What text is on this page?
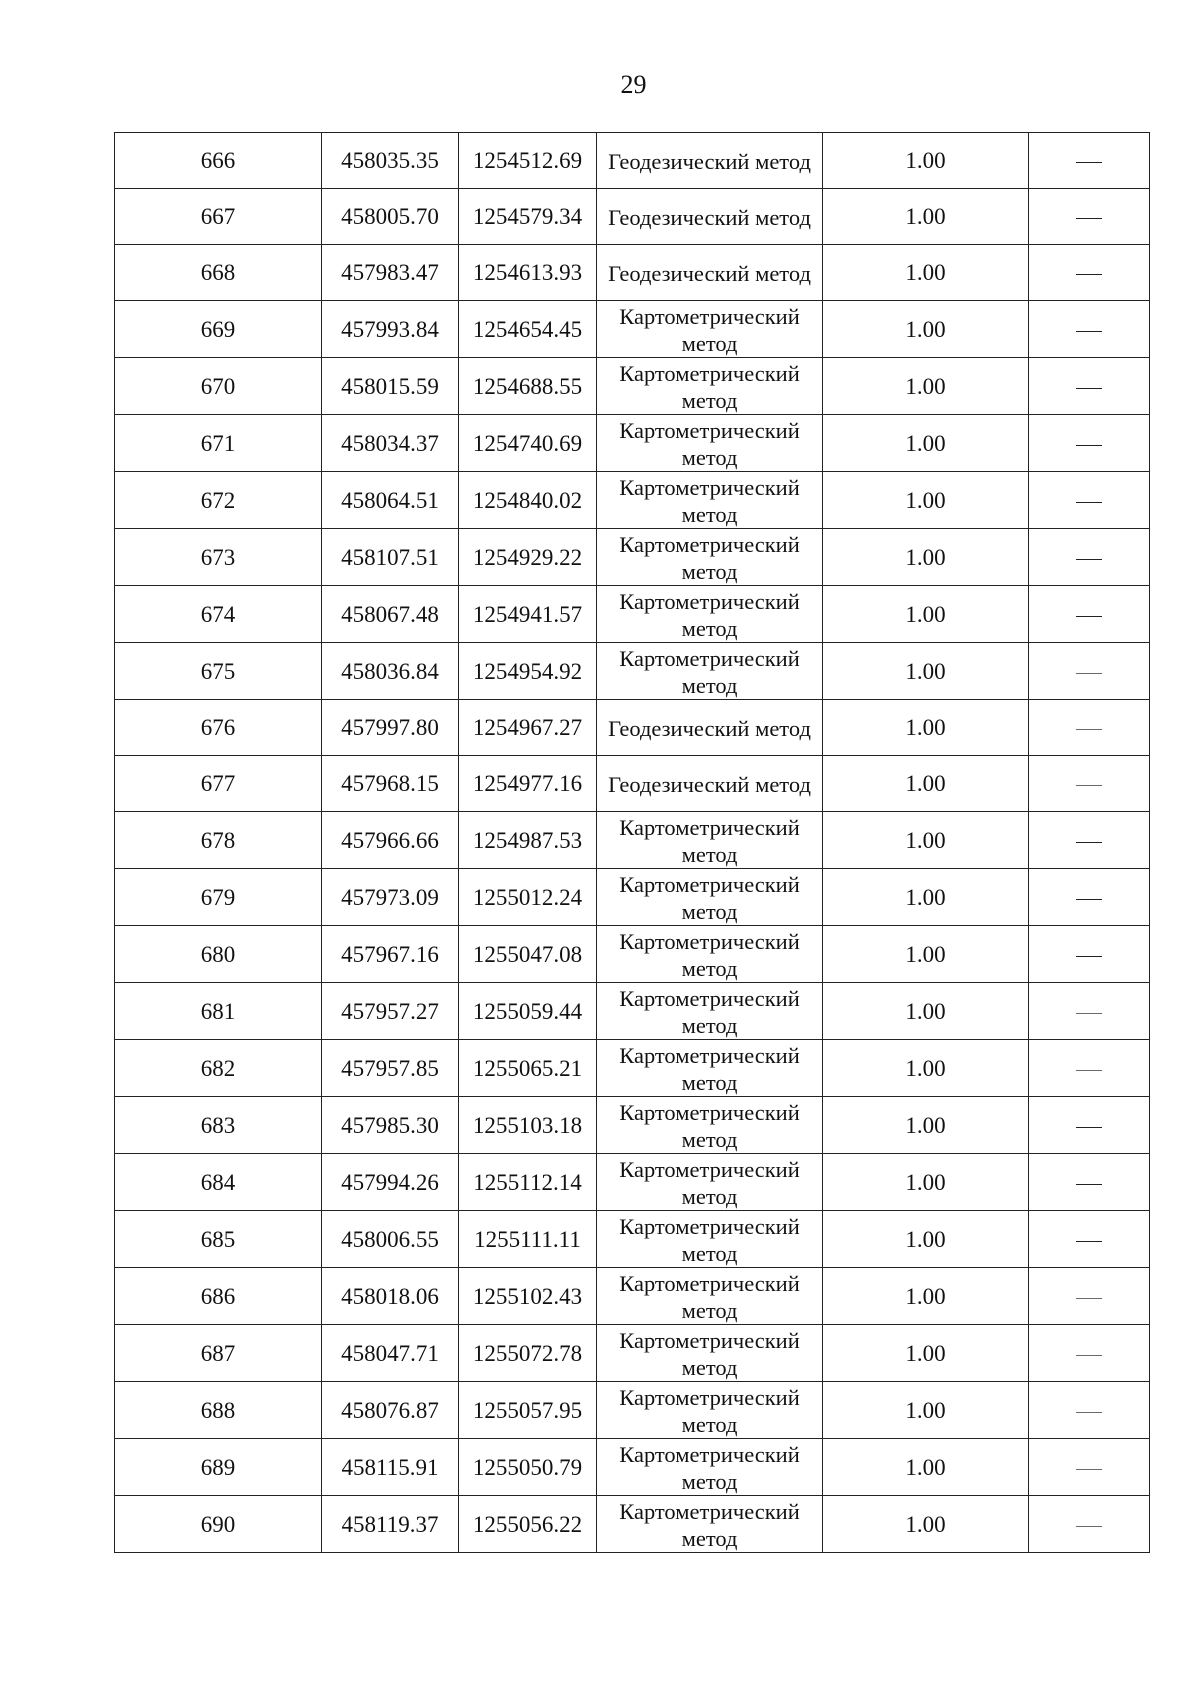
29
666	458035.35	1254512.69	Геодезический метод	1.00	
667	458005.70	1254579.34	Геодезический метод	1.00	
668	457983.47	1254613.93	Геодезический метод	1.00	
669	457993.84	1254654.45	Картометрический метод	1.00	
670	458015.59	1254688.55	Картометрический метод	1.00	
671	458034.37	1254740.69	Картометрический метод	1.00	
672	458064.51	1254840.02	Картометрический метод	1.00	
673	458107.51	1254929.22	Картометрический метод	1.00	
674	458067.48	1254941.57	Картометрический метод	1.00	
675	458036.84	1254954.92	Картометрический метод	1.00	
676	457997.80	1254967.27	Геодезический метод	1.00	
677	457968.15	1254977.16	Геодезический метод	1.00	
678	457966.66	1254987.53	Картометрический метод	1.00	
679	457973.09	1255012.24	Картометрический метод	1.00	
680	457967.16	1255047.08	Картометрический метод	1.00	
681	457957.27	1255059.44	Картометрический метод	1.00	
682	457957.85	1255065.21	Картометрический метод	1.00	
683	457985.30	1255103.18	Картометрический метод	1.00	
684	457994.26	1255112.14	Картометрический метод	1.00	
685	458006.55	1255111.11	Картометрический метод	1.00	
686	458018.06	1255102.43	Картометрический метод	1.00	
687	458047.71	1255072.78	Картометрический метод	1.00	
688	458076.87	1255057.95	Картометрический метод	1.00	
689	458115.91	1255050.79	Картометрический метод	1.00	
690	458119.37	1255056.22	Картометрический метод	1.00	
